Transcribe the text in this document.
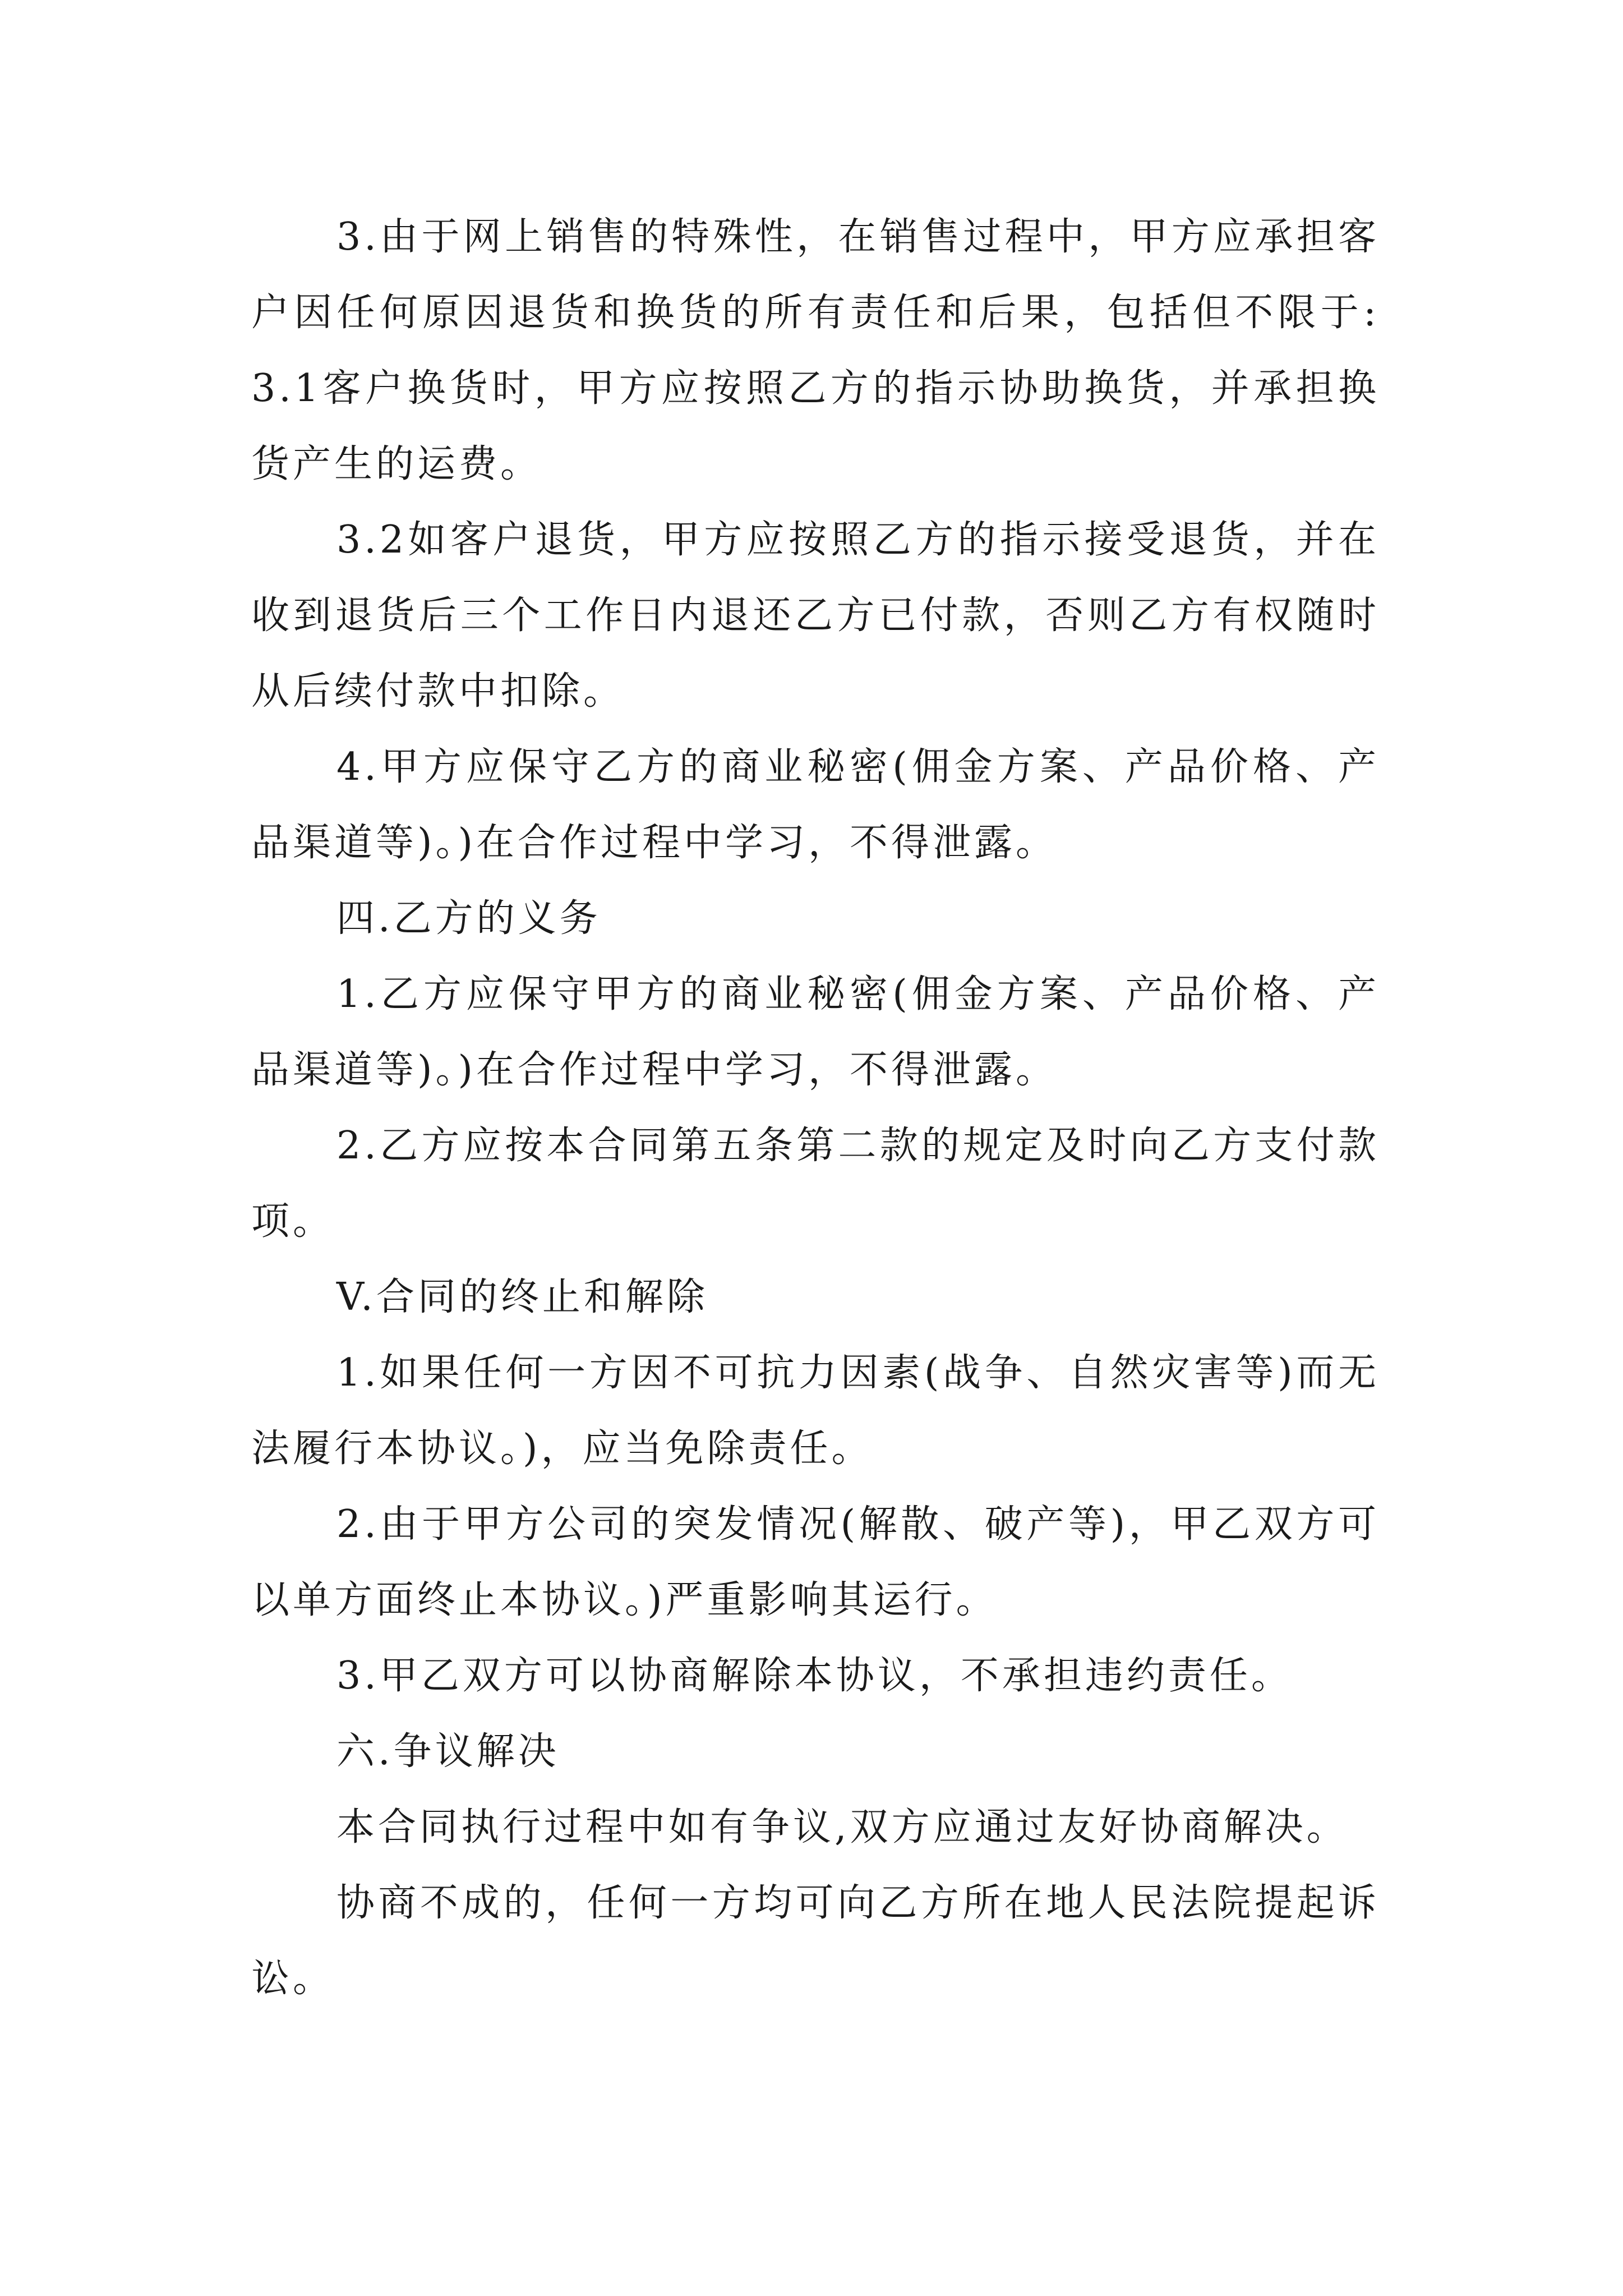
3.由于网上销售的特殊性，在销售过程中，甲方应承担客户因任何原因退货和换货的所有责任和后果，包括但不限于:3.1客户换货时，甲方应按照乙方的指示协助换货，并承担换货产生的运费。

3.2如客户退货，甲方应按照乙方的指示接受退货，并在收到退货后三个工作日内退还乙方已付款，否则乙方有权随时从后续付款中扣除。

4.甲方应保守乙方的商业秘密(佣金方案、产品价格、产品渠道等)。)在合作过程中学习，不得泄露。

四.乙方的义务

1.乙方应保守甲方的商业秘密(佣金方案、产品价格、产品渠道等)。)在合作过程中学习，不得泄露。

2.乙方应按本合同第五条第二款的规定及时向乙方支付款项。

V.合同的终止和解除

1.如果任何一方因不可抗力因素(战争、自然灾害等)而无法履行本协议。)，应当免除责任。

2.由于甲方公司的突发情况(解散、破产等)，甲乙双方可以单方面终止本协议。)严重影响其运行。

3.甲乙双方可以协商解除本协议，不承担违约责任。

六.争议解决

本合同执行过程中如有争议,双方应通过友好协商解决。

协商不成的，任何一方均可向乙方所在地人民法院提起诉讼。
